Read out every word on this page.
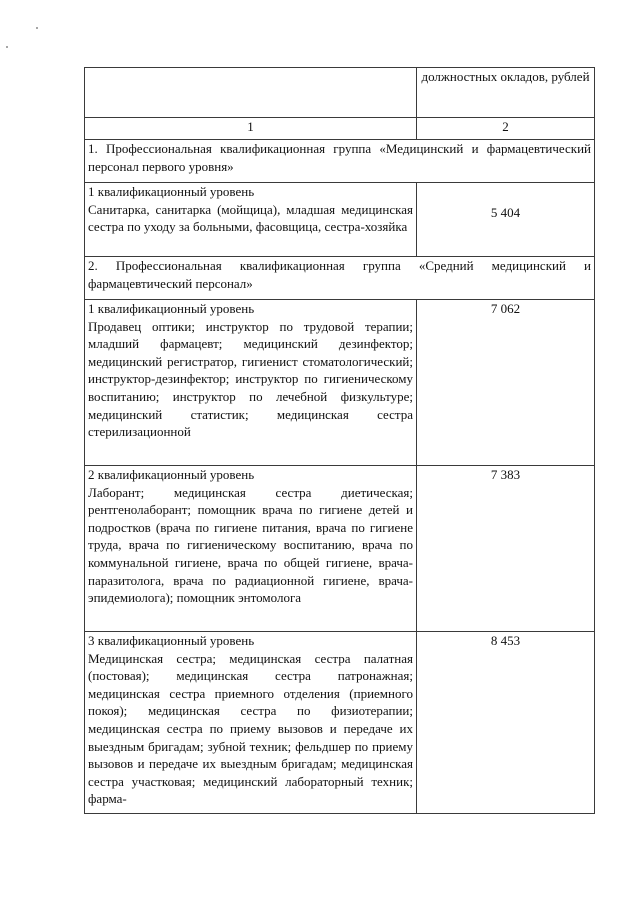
	должностных окладов, рублей
1	2
1. Профессиональная квалификационная группа «Медицинский и фармацевтический персонал первого уровня»	

1 квалификационный уровень
Санитарка, санитарка (мойщица), младшая медицинская сестра по уходу за больными, фасовщица, сестра-хозяйка	5 404
2. Профессиональная квалификационная группа «Средний медицинский и фармацевтический персонал»	

1 квалификационный уровень
Продавец оптики; инструктор по трудовой терапии; младший фармацевт; медицинский дезинфектор; медицинский регистратор, гигиенист стоматологический; инструктор-дезинфектор; инструктор по гигиеническому воспитанию; инструктор по лечебной физкультуре; медицинский статистик; медицинская сестра стерилизационной	7 062

2 квалификационный уровень
Лаборант; медицинская сестра диетическая; рентгенолаборант; помощник врача по гигиене детей и подростков (врача по гигиене питания, врача по гигиене труда, врача по гигиеническому воспитанию, врача по коммунальной гигиене, врача по общей гигиене, врача-паразитолога, врача по радиационной гигиене, врача-эпидемиолога); помощник энтомолога	7 383

3 квалификационный уровень
Медицинская сестра; медицинская сестра палатная (постовая); медицинская сестра патронажная; медицинская сестра приемного отделения (приемного покоя); медицинская сестра по физиотерапии; медицинская сестра по приему вызовов и передаче их выездным бригадам; зубной техник; фельдшер по приему вызовов и передаче их выездным бригадам; медицинская сестра участковая; медицинский лабораторный техник; фарма-	8 453
